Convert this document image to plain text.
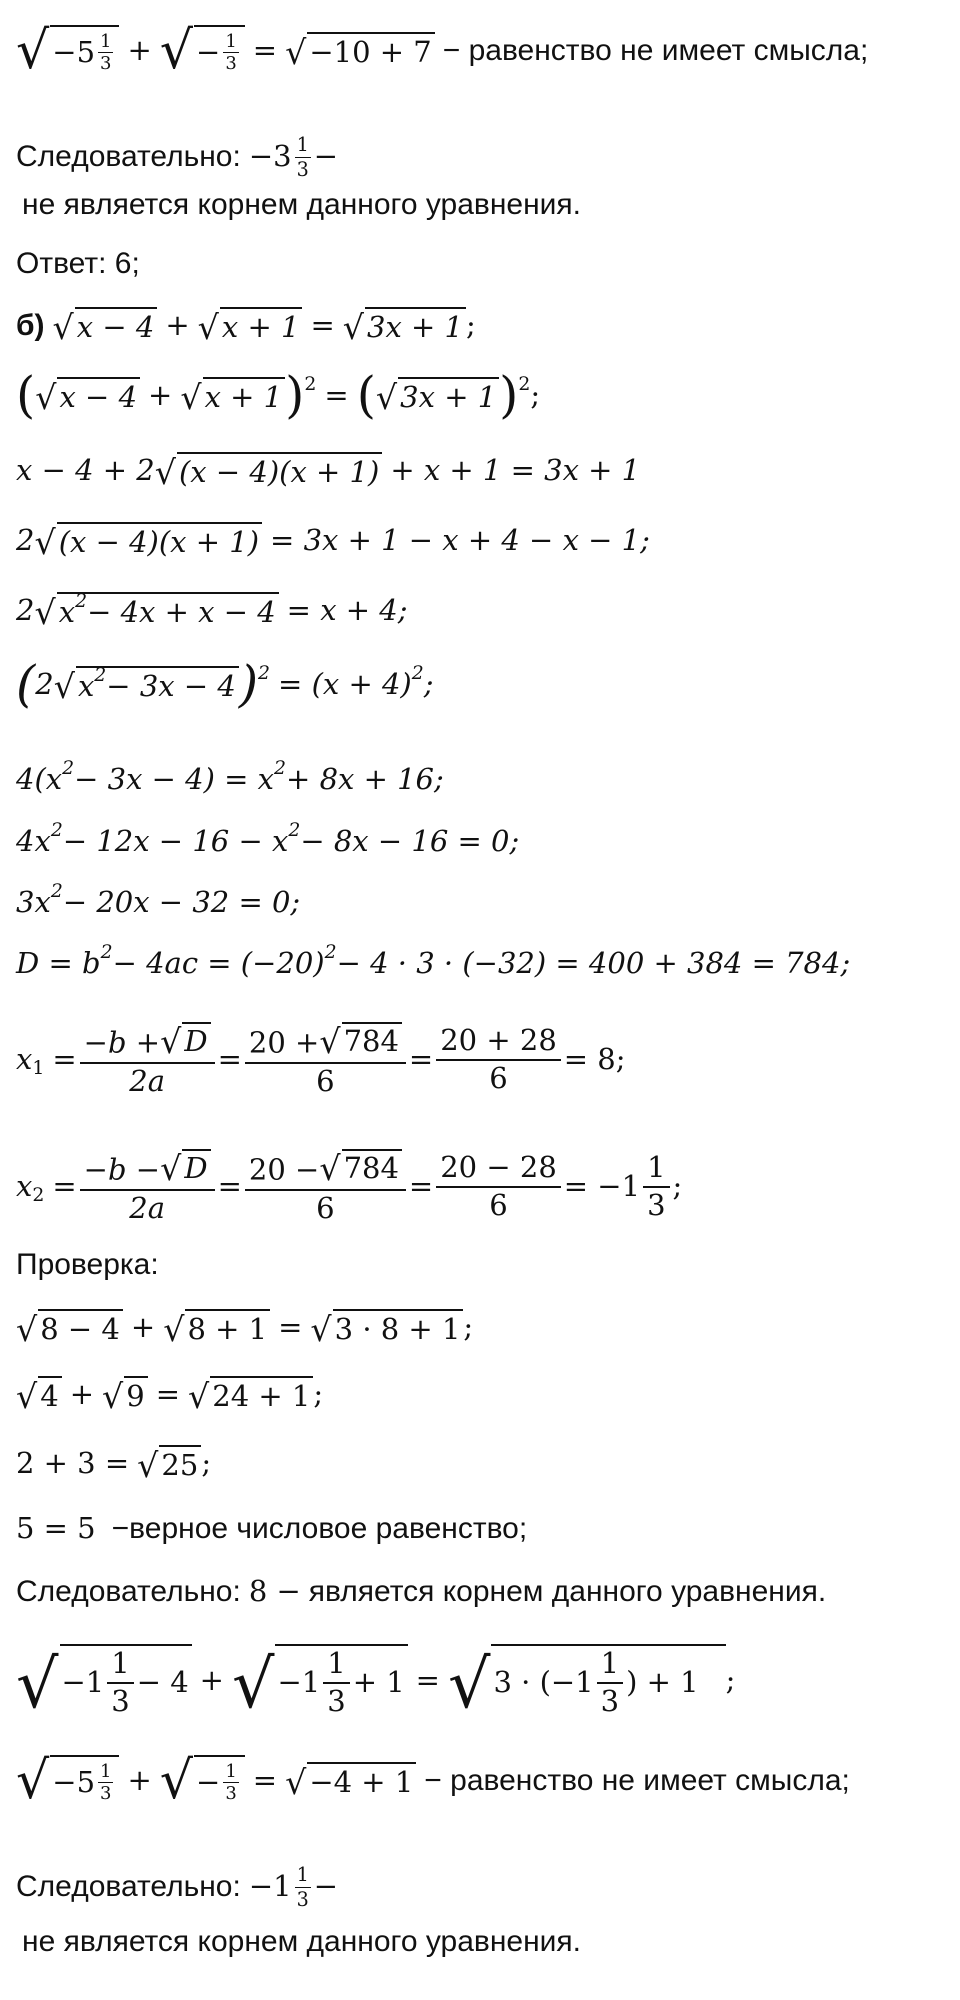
√ $-5 \frac{1}{3}$ + √ − $\frac{1}{3}$ = √ −10 + 7 − равенство не имеет смысла;
Следовательно: $-3 \frac{1}{3}$ −
не является корнем данного уравнения.
Ответ: 6;
б) √ x − 4 + √ x + 1 = √ 3x + 1 ;
( √ x − 4 + √ x + 1 ) 2 = ( √ 3x + 1 ) 2 ;
x − 4 + 2 √ (x − 4)(x + 1) + x + 1 = 3x + 1
2 √ (x − 4)(x + 1) = 3x + 1 − x + 4 − x − 1;
2 √ x 2 − 4x + x − 4 = x + 4;
( 2 √ x 2 − 3x − 4 ) 2 = (x + 4) 2 ;
4(x 2 − 3x − 4) = x 2 + 8x + 16;
4x 2 − 12x − 16 − x 2 − 8x − 16 = 0;
3x 2 − 20x − 32 = 0;
D = b 2 − 4ac = (−20) 2 − 4 · 3 · (−32) = 400 + 384 = 784;
x $1 = \frac{-b + √ D}{2a} = \frac{20 + √ 784}{6} = \frac{20 + 28}{6} = 8$;
x $2 = \frac{-b - √ D}{2a} = \frac{20 - √ 784}{6} = \frac{20 - 28}{6} = -1 \frac{1}{3}$ ;
Проверка:
√ 8 − 4 + √ 8 + 1 = √ 3 · 8 + 1 ;
√ 4 + √ 9 = √ 24 + 1 ;
2 + 3 = √ 25 ;
5 = 5 −верное числовое равенство;
Следовательно: 8 − является корнем данного уравнения.
√ $-1 \frac{1}{3} - 4$ + √ $-1 \frac{1}{3} + 1$ = √ $3 \cdot (-1 \frac{1}{3}$ ) + 1 ;
√ $-5 \frac{1}{3}$ + √ − $\frac{1}{3}$ = √ −4 + 1 − равенство не имеет смысла;
Следовательно: $-1 \frac{1}{3}$ −
не является корнем данного уравнения.
